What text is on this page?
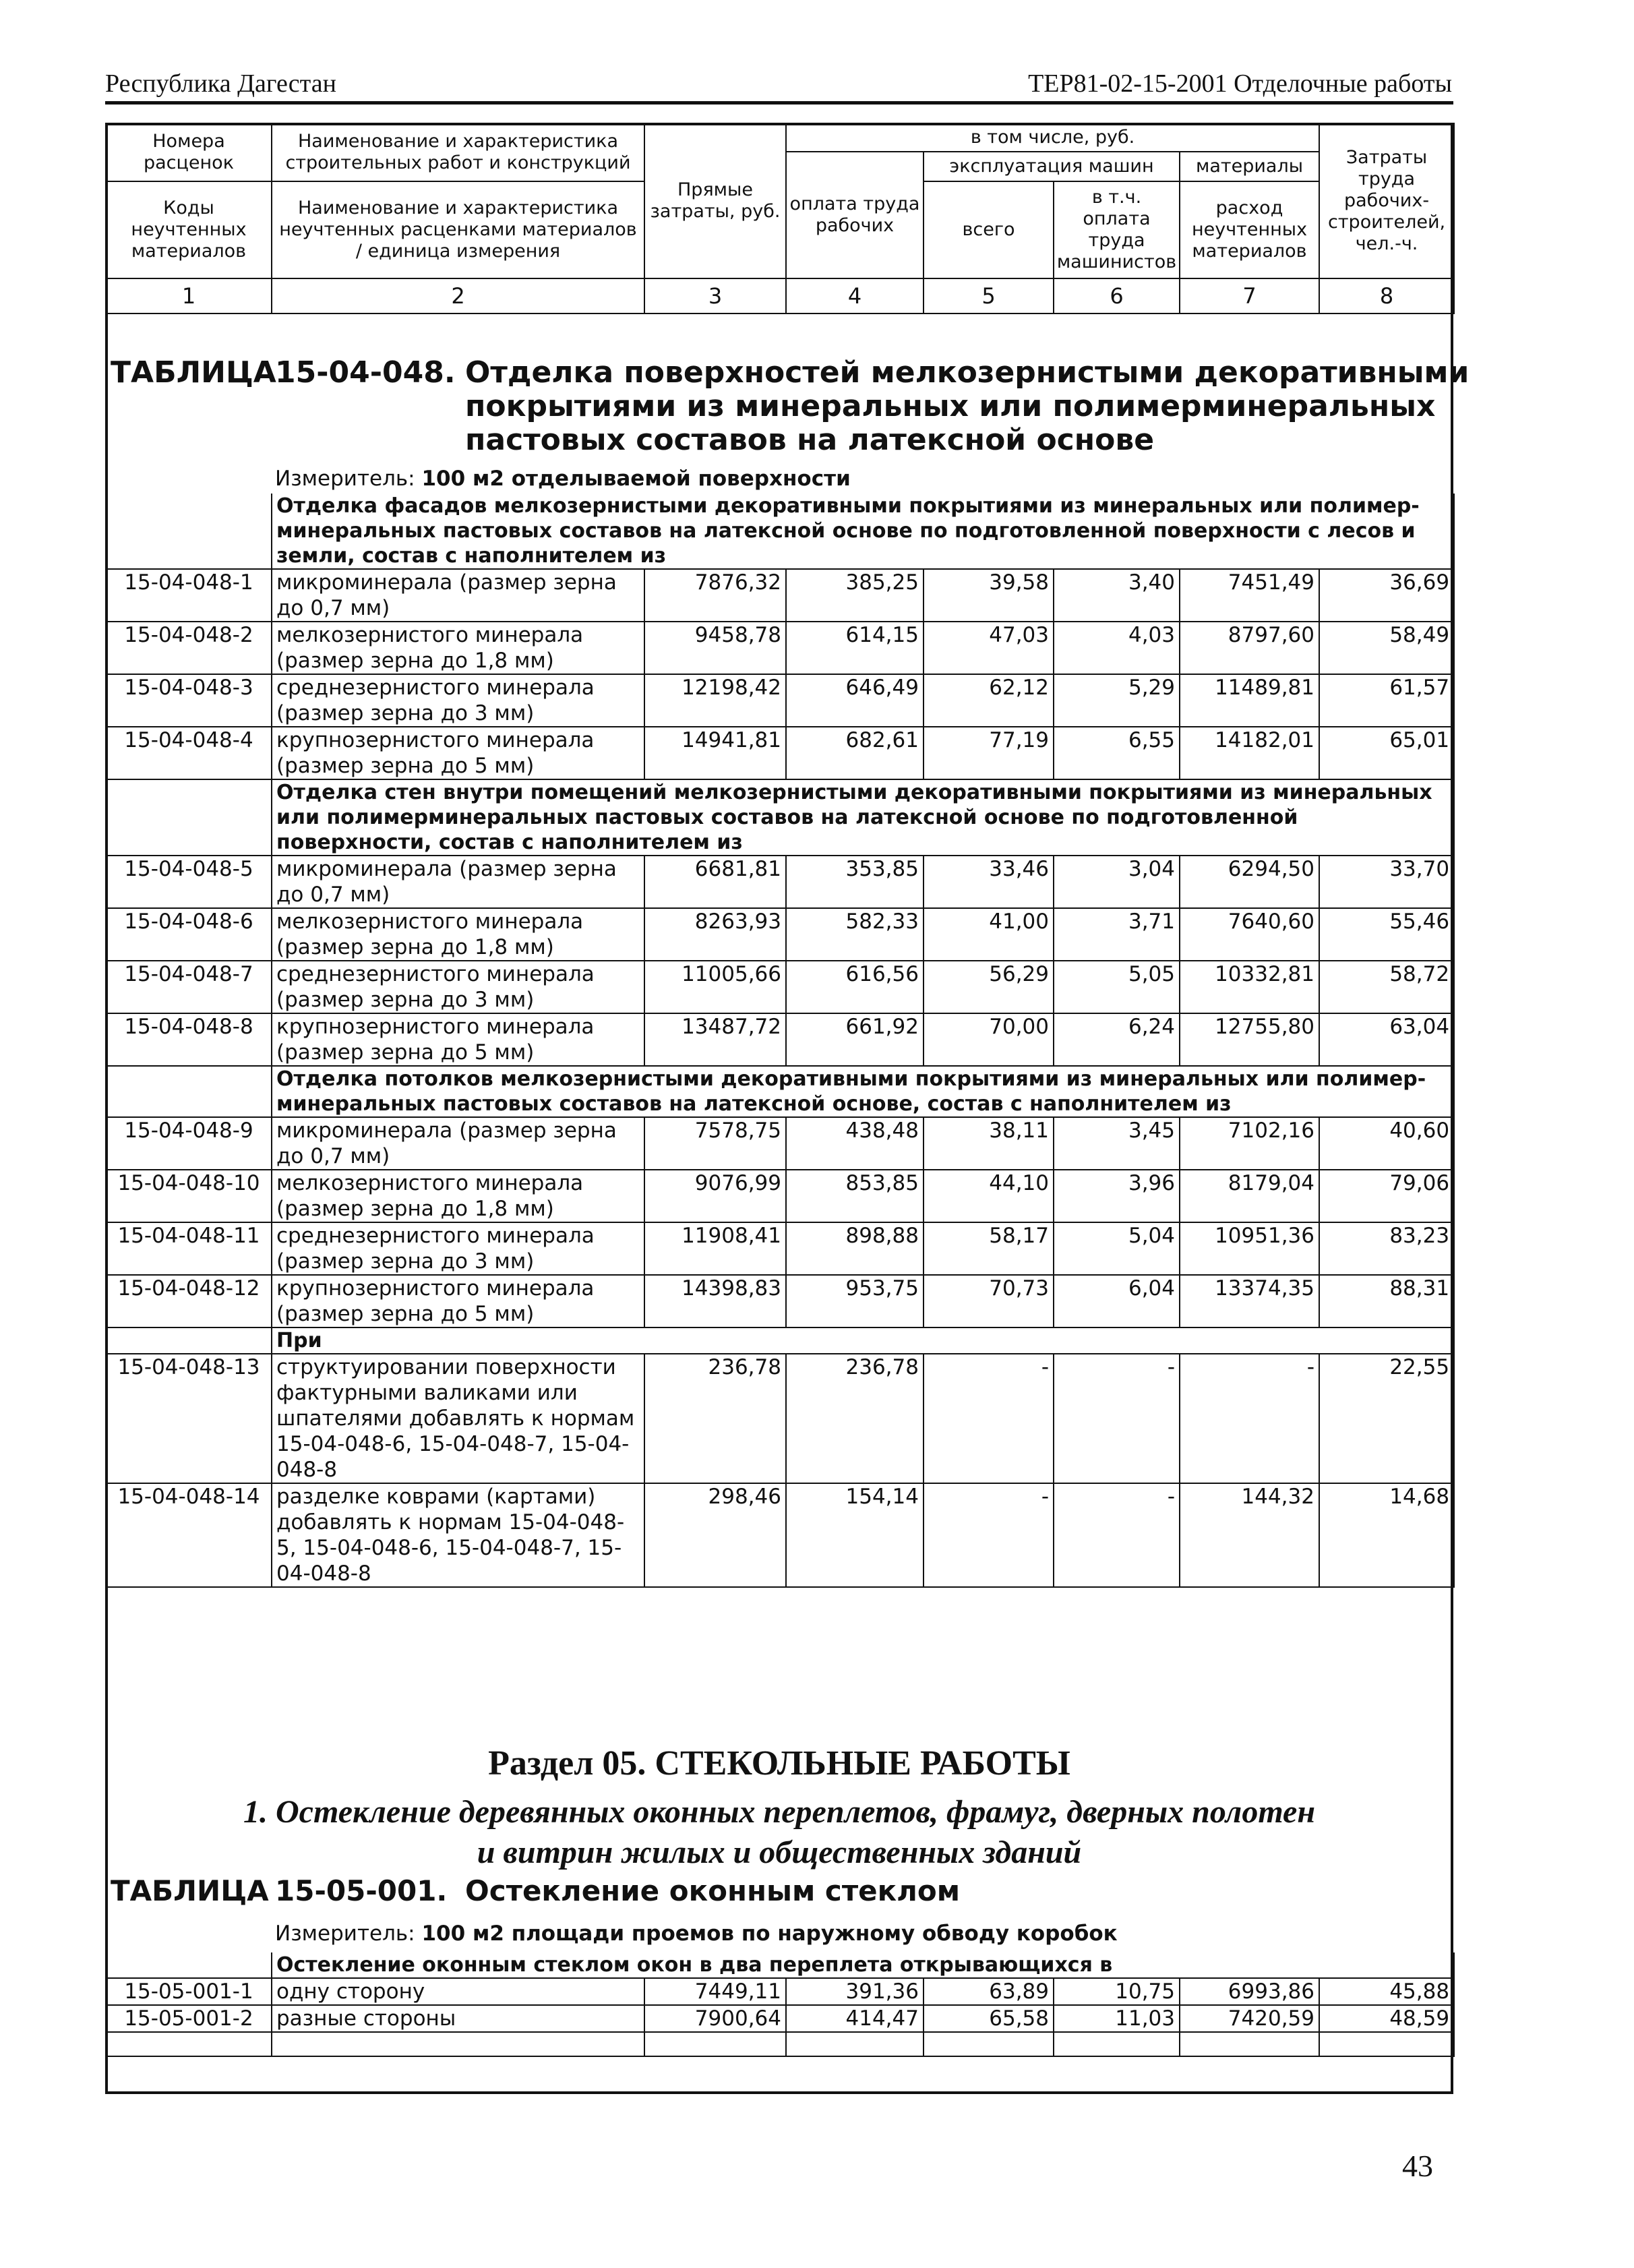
Республика Дагестан	ТЕР81-02-15-2001 Отделочные работы
Номера расценок	Наименование и характеристика строительных работ и конструкций	Прямые затраты, руб.	в том числе, руб.				Затраты труда рабочих-строителей, чел.-ч.
			оплата труда рабочих	эксплуатация машин		материалы	
Коды неучтенных материалов	Наименование и характеристика неучтенных расценками материалов / единица измерения			всего	в т.ч. оплата труда машинистов	расход неучтенных материалов	

1	2	3	4	5	6	7	8
ТАБЛИЦА
15-04-048. Отделка поверхностей мелкозернистыми декоративными
покрытиями из минеральных или полимерминеральных
пастовых составов на латексной основе
Измеритель: 100 м2 отделываемой поверхности
	Отделка фасадов мелкозернистыми декоративными покрытиями из минеральных или полимер-минеральных пастовых составов на латексной основе по подготовленной поверхности с лесов и земли, состав с наполнителем из						
15-04-048-1	микроминерала (размер зерна до 0,7 мм)	7876,32	385,25	39,58	3,40	7451,49	36,69
15-04-048-2	мелкозернистого минерала (размер зерна до 1,8 мм)	9458,78	614,15	47,03	4,03	8797,60	58,49
15-04-048-3	среднезернистого минерала (размер зерна до 3 мм)	12198,42	646,49	62,12	5,29	11489,81	61,57
15-04-048-4	крупнозернистого минерала (размер зерна до 5 мм)	14941,81	682,61	77,19	6,55	14182,01	65,01
	Отделка стен внутри помещений мелкозернистыми декоративными покрытиями из минеральных или полимерминеральных пастовых составов на латексной основе по подготовленной поверхности, состав с наполнителем из						
15-04-048-5	микроминерала (размер зерна до 0,7 мм)	6681,81	353,85	33,46	3,04	6294,50	33,70
15-04-048-6	мелкозернистого минерала (размер зерна до 1,8 мм)	8263,93	582,33	41,00	3,71	7640,60	55,46
15-04-048-7	среднезернистого минерала (размер зерна до 3 мм)	11005,66	616,56	56,29	5,05	10332,81	58,72
15-04-048-8	крупнозернистого минерала (размер зерна до 5 мм)	13487,72	661,92	70,00	6,24	12755,80	63,04
	Отделка потолков мелкозернистыми декоративными покрытиями из минеральных или полимер-минеральных пастовых составов на латексной основе, состав с наполнителем из						
15-04-048-9	микроминерала (размер зерна до 0,7 мм)	7578,75	438,48	38,11	3,45	7102,16	40,60
15-04-048-10	мелкозернистого минерала (размер зерна до 1,8 мм)	9076,99	853,85	44,10	3,96	8179,04	79,06
15-04-048-11	среднезернистого минерала (размер зерна до 3 мм)	11908,41	898,88	58,17	5,04	10951,36	83,23
15-04-048-12	крупнозернистого минерала (размер зерна до 5 мм)	14398,83	953,75	70,73	6,04	13374,35	88,31
	При						
15-04-048-13	структуировании поверхности фактурными валиками или шпателями добавлять к нормам 15-04-048-6, 15-04-048-7, 15-04-048-8	236,78	236,78	-	-	-	22,55
15-04-048-14	разделке коврами (картами) добавлять к нормам 15-04-048-5, 15-04-048-6, 15-04-048-7, 15-04-048-8	298,46	154,14	-	-	144,32	14,68
Раздел 05. СТЕКОЛЬНЫЕ РАБОТЫ
1. Остекление деревянных оконных переплетов, фрамуг, дверных полотен
и витрин жилых и общественных зданий
ТАБЛИЦА 15-05-001. Остекление оконным стеклом
Измеритель: 100 м2 площади проемов по наружному обводу коробок
	Остекление оконным стеклом окон в два переплета открывающихся в						
15-05-001-1	одну сторону	7449,11	391,36	63,89	10,75	6993,86	45,88
15-05-001-2	разные стороны	7900,64	414,47	65,58	11,03	7420,59	48,59

43
